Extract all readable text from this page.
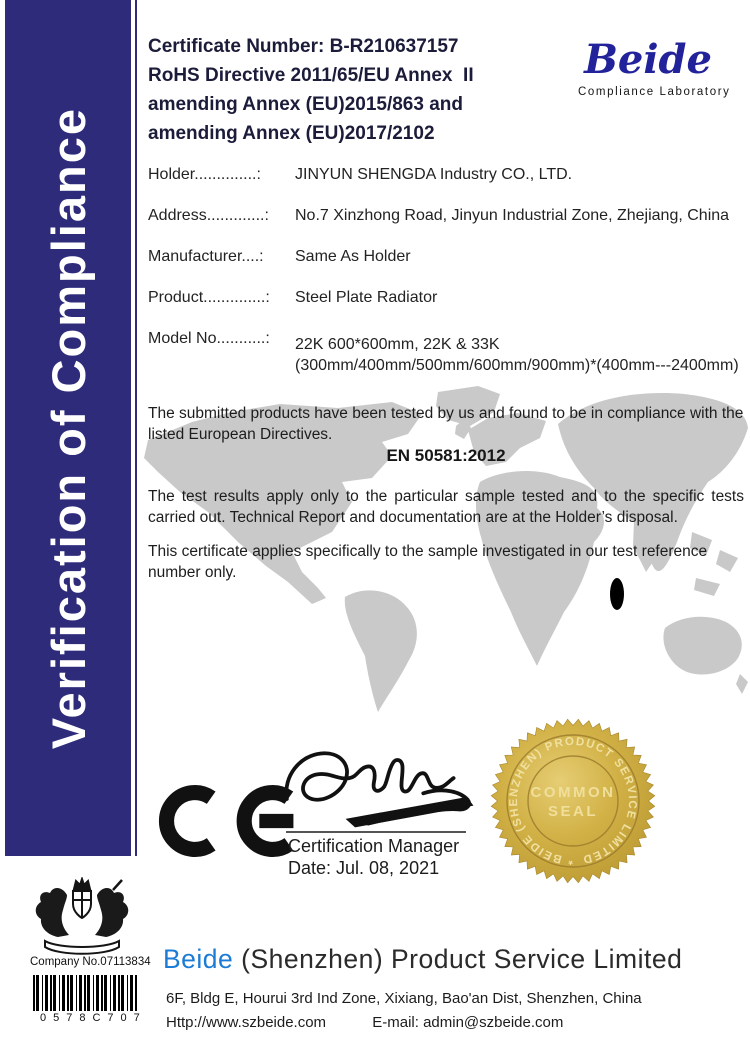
Verification of Compliance
Certificate Number: B-R210637157
RoHS Directive 2011/65/EU Annex  II
amending Annex (EU)2015/863 and
amending Annex (EU)2017/2102
Beide
Compliance Laboratory
Holder..............:	JINYUN SHENGDA Industry CO., LTD.
Address.............:	No.7 Xinzhong Road, Jinyun Industrial Zone, Zhejiang, China
Manufacturer....:	Same As Holder
Product..............:	Steel Plate Radiator
Model No...........:	22K 600*600mm, 22K & 33K
(300mm/400mm/500mm/600mm/900mm)*(400mm---2400mm)
The submitted products have been tested by us and found to be in compliance with the listed European Directives.
EN 50581:2012
The test results apply only to the particular sample tested and to the specific tests carried out. Technical Report and documentation are at the Holder’s disposal.
This certificate applies specifically to the sample investigated in our test reference number only.
Certification Manager
Date: Jul. 08, 2021	* BEIDE (SHENZHEN) PRODUCT SERVICE LIMITED
COMMON
SEAL
Company No.07113834
0578C707
Beide (Shenzhen) Product Service Limited
6F, Bldg E, Hourui 3rd Ind Zone, Xixiang, Bao'an Dist, Shenzhen, China
Http://www.szbeide.com	E-mail: admin@szbeide.com
